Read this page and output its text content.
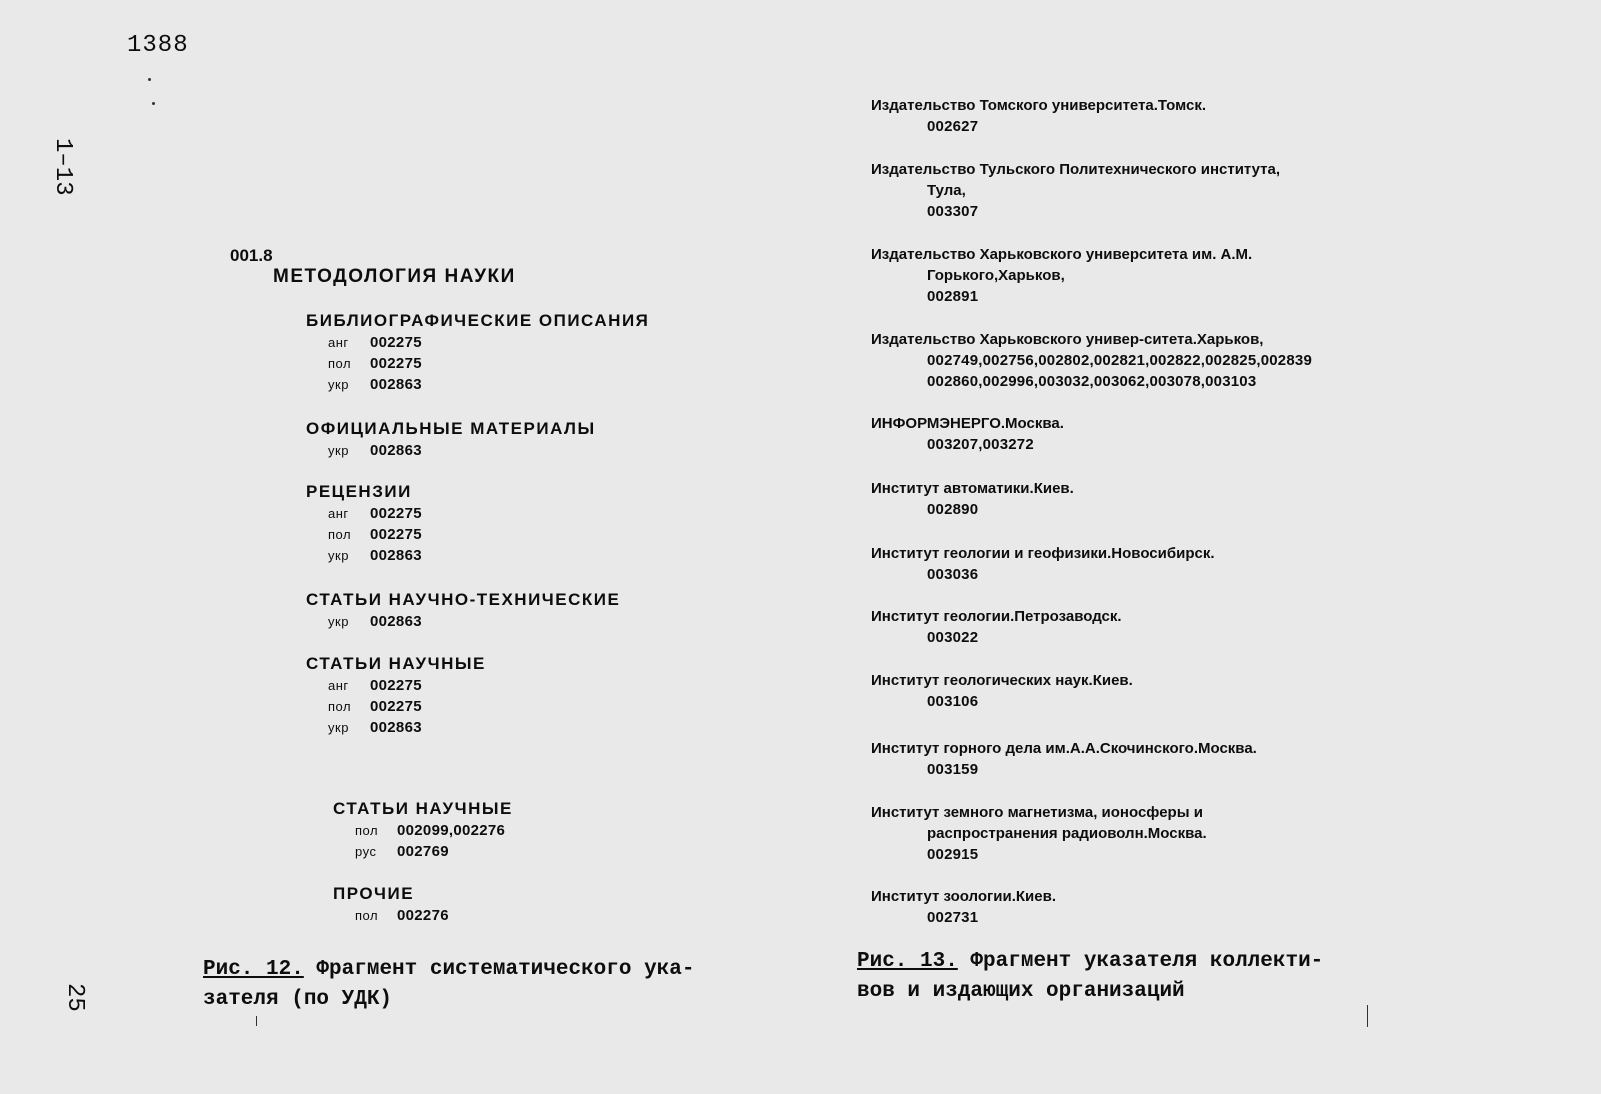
1388
1–13
25
001.8
МЕТОДОЛОГИЯ НАУКИ
БИБЛИОГРАФИЧЕСКИЕ ОПИСАНИЯ
анг 002275
пол 002275
укр 002863
ОФИЦИАЛЬНЫЕ МАТЕРИАЛЫ
укр 002863
РЕЦЕНЗИИ
анг 002275
пол 002275
укр 002863
СТАТЬИ НАУЧНО-ТЕХНИЧЕСКИЕ
укр 002863
СТАТЬИ НАУЧНЫЕ
анг 002275
пол 002275
укр 002863
СТАТЬИ НАУЧНЫЕ
пол 002099,002276
рус 002769
ПРОЧИЕ
пол 002276
Издательство Томского университета.Томск.
002627
Издательство Тульского Политехнического института,
Тула,
003307
Издательство Харьковского университета им. А.М.
Горького,Харьков,
002891
Издательство Харьковского универ-ситета.Харьков,
002749,002756,002802,002821,002822,002825,002839
002860,002996,003032,003062,003078,003103
ИНФОРМЭНЕРГО.Москва.
003207,003272
Институт автоматики.Киев.
002890
Институт геологии и геофизики.Новосибирск.
003036
Институт геологии.Петрозаводск.
003022
Институт геологических наук.Киев.
003106
Институт горного дела им.А.А.Скочинского.Москва.
003159
Институт земного магнетизма, ионосферы и
распространения радиоволн.Москва.
002915
Институт зоологии.Киев.
002731
Рис. 12. Фрагмент систематического ука-
зателя (по УДК)
Рис. 13. Фрагмент указателя коллекти-
вов и издающих организаций
